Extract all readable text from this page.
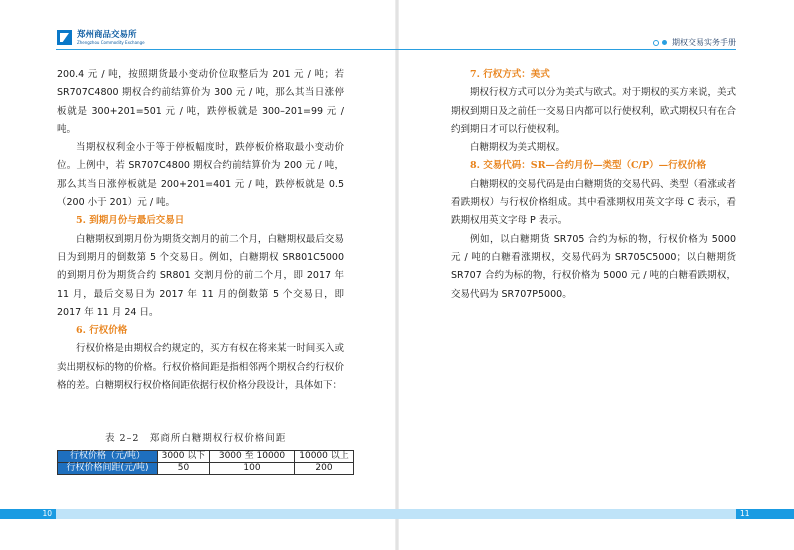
郑州商品交易所
Zhengzhou Commodity Exchange	期权交易实务手册

200.4 元 / 吨，按照期货最小变动价位取整后为 201 元 / 吨；若 SR707C4800 期权合约前结算价为 300 元 / 吨，那么其当日涨停板就是 300+201=501 元 / 吨，跌停板就是 300–201=99 元 / 吨。

当期权权利金小于等于停板幅度时，跌停板价格取最小变动价位。上例中，若 SR707C4800 期权合约前结算价为 200 元 / 吨，那么其当日涨停板就是 200+201=401 元 / 吨，跌停板就是 0.5（200 小于 201）元 / 吨。

5. 到期月份与最后交易日

白糖期权到期月份为期货交割月的前二个月，白糖期权最后交易日为到期月的倒数第 5 个交易日。例如，白糖期权 SR801C5000 的到期月份为期货合约 SR801 交割月份的前二个月，即 2017 年 11 月，最后交易日为 2017 年 11 月的倒数第 5 个交易日，即 2017 年 11 月 24 日。

6. 行权价格

行权价格是由期权合约规定的，买方有权在将来某一时间买入或卖出期权标的物的价格。行权价格间距是指相邻两个期权合约行权价格的差。白糖期权行权价格间距依据行权价格分段设计，具体如下：

表 2–2　郑商所白糖期权行权价格间距
行权价格（元/吨）	3000 以下	3000 至 10000	10000 以上
行权价格间距(元/吨)	50	100	200

7. 行权方式：美式

期权行权方式可以分为美式与欧式。对于期权的买方来说，美式期权到期日及之前任一交易日内都可以行使权利，欧式期权只有在合约到期日才可以行使权利。

白糖期权为美式期权。

8. 交易代码：SR—合约月份—类型（C/P）—行权价格

白糖期权的交易代码是由白糖期货的交易代码、类型（看涨或者看跌期权）与行权价格组成。其中看涨期权用英文字母 C 表示，看跌期权用英文字母 P 表示。

例如，以白糖期货 SR705 合约为标的物，行权价格为 5000 元 / 吨的白糖看涨期权，交易代码为 SR705C5000；以白糖期货 SR707 合约为标的物，行权价格为 5000 元 / 吨的白糖看跌期权，交易代码为 SR707P5000。

10	11
